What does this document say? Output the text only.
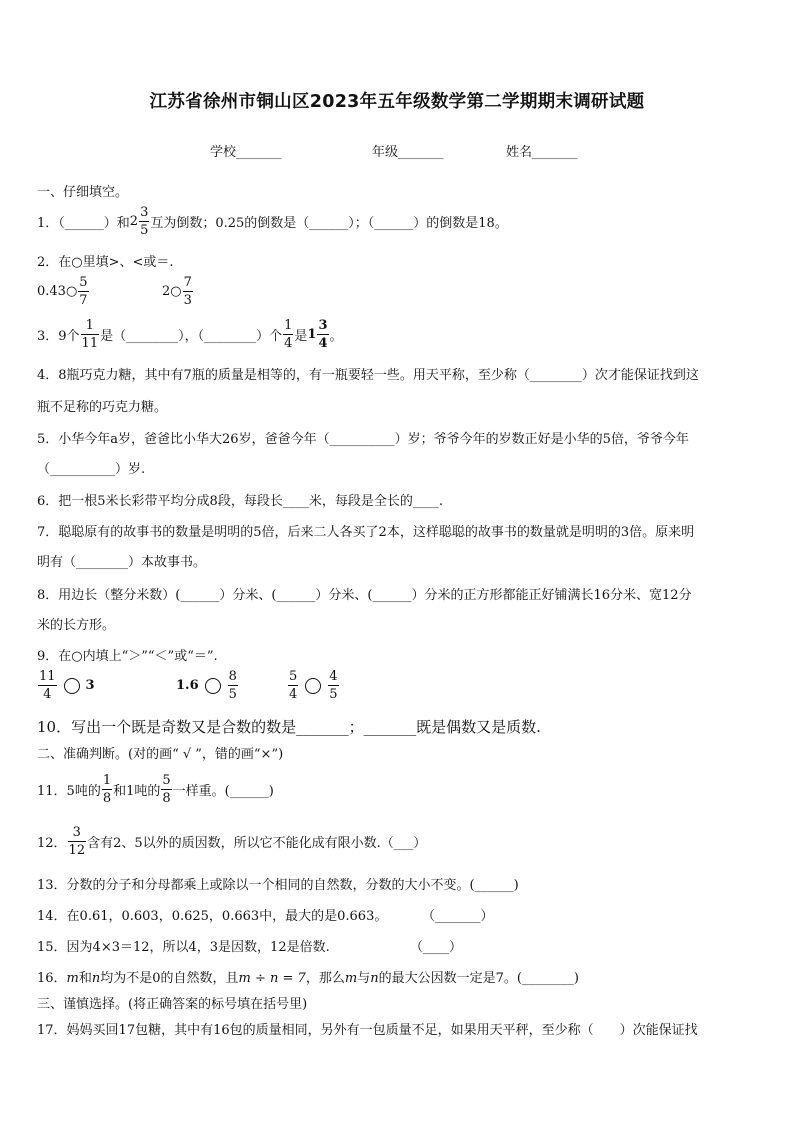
江苏省徐州市铜山区2023年五年级数学第二学期期末调研试题
学校_______	年级_______	姓名_______
一、仔细填空。
1．（______）和$2 \frac{3}{5}$ 互为倒数；0.25的倒数是（______）；（______）的倒数是18。
2．在○里填>、<或＝.
0.43○ $\frac{5}{7}$	2○ $\frac{7}{3}$
3．9个 $\frac{1}{11}$ 是（________），（________）个 $\frac{1}{4}$ 是$1 \frac{3}{4}$ 。
4．8瓶巧克力糖，其中有7瓶的质量是相等的，有一瓶要轻一些。用天平称，至少称（________）次才能保证找到这
瓶不足称的巧克力糖。
5．小华今年a岁，爸爸比小华大26岁，爸爸今年（__________）岁；爷爷今年的岁数正好是小华的5倍，爷爷今年
（__________）岁.
6．把一根5米长彩带平均分成8段，每段长____米，每段是全长的____.
7．聪聪原有的故事书的数量是明明的5倍，后来二人各买了2本，这样聪聪的故事书的数量就是明明的3倍。原来明
明有（________）本故事书。
8．用边长（整分米数）(______）分米、(______）分米、(______）分米的正方形都能正好铺满长16分米、宽12分
米的长方形。
9．在○内填上“＞”“＜”或“＝”.
$\frac{11}{4} 3$	$1.6 \frac{8}{5}$	$\frac{5}{4} \frac{4}{5}$
10．写出一个既是奇数又是合数的数是_______；_______既是偶数又是质数.
二、准确判断。(对的画“ √ ”，错的画“×”)
11．5吨的 $\frac{1}{8}$ 和1吨的 $\frac{5}{8}$ 一样重。(______)
12． $\frac{3}{12}$ 含有2、5以外的质因数，所以它不能化成有限小数.（___）
13．分数的分子和分母都乘上或除以一个相同的自然数，分数的大小不变。(______)
14．在0.61，0.603，0.625，0.663中，最大的是0.663。	（_______）
15．因为4×3＝12，所以4，3是因数，12是倍数.	（____）
16．m和n均为不是0的自然数，且m ÷ n = 7，那么m与n的最大公因数一定是7。(________)
三、谨慎选择。(将正确答案的标号填在括号里)
17．妈妈买回17包糖，其中有16包的质量相同，另外有一包质量不足，如果用天平秤，至少称（　　）次能保证找
